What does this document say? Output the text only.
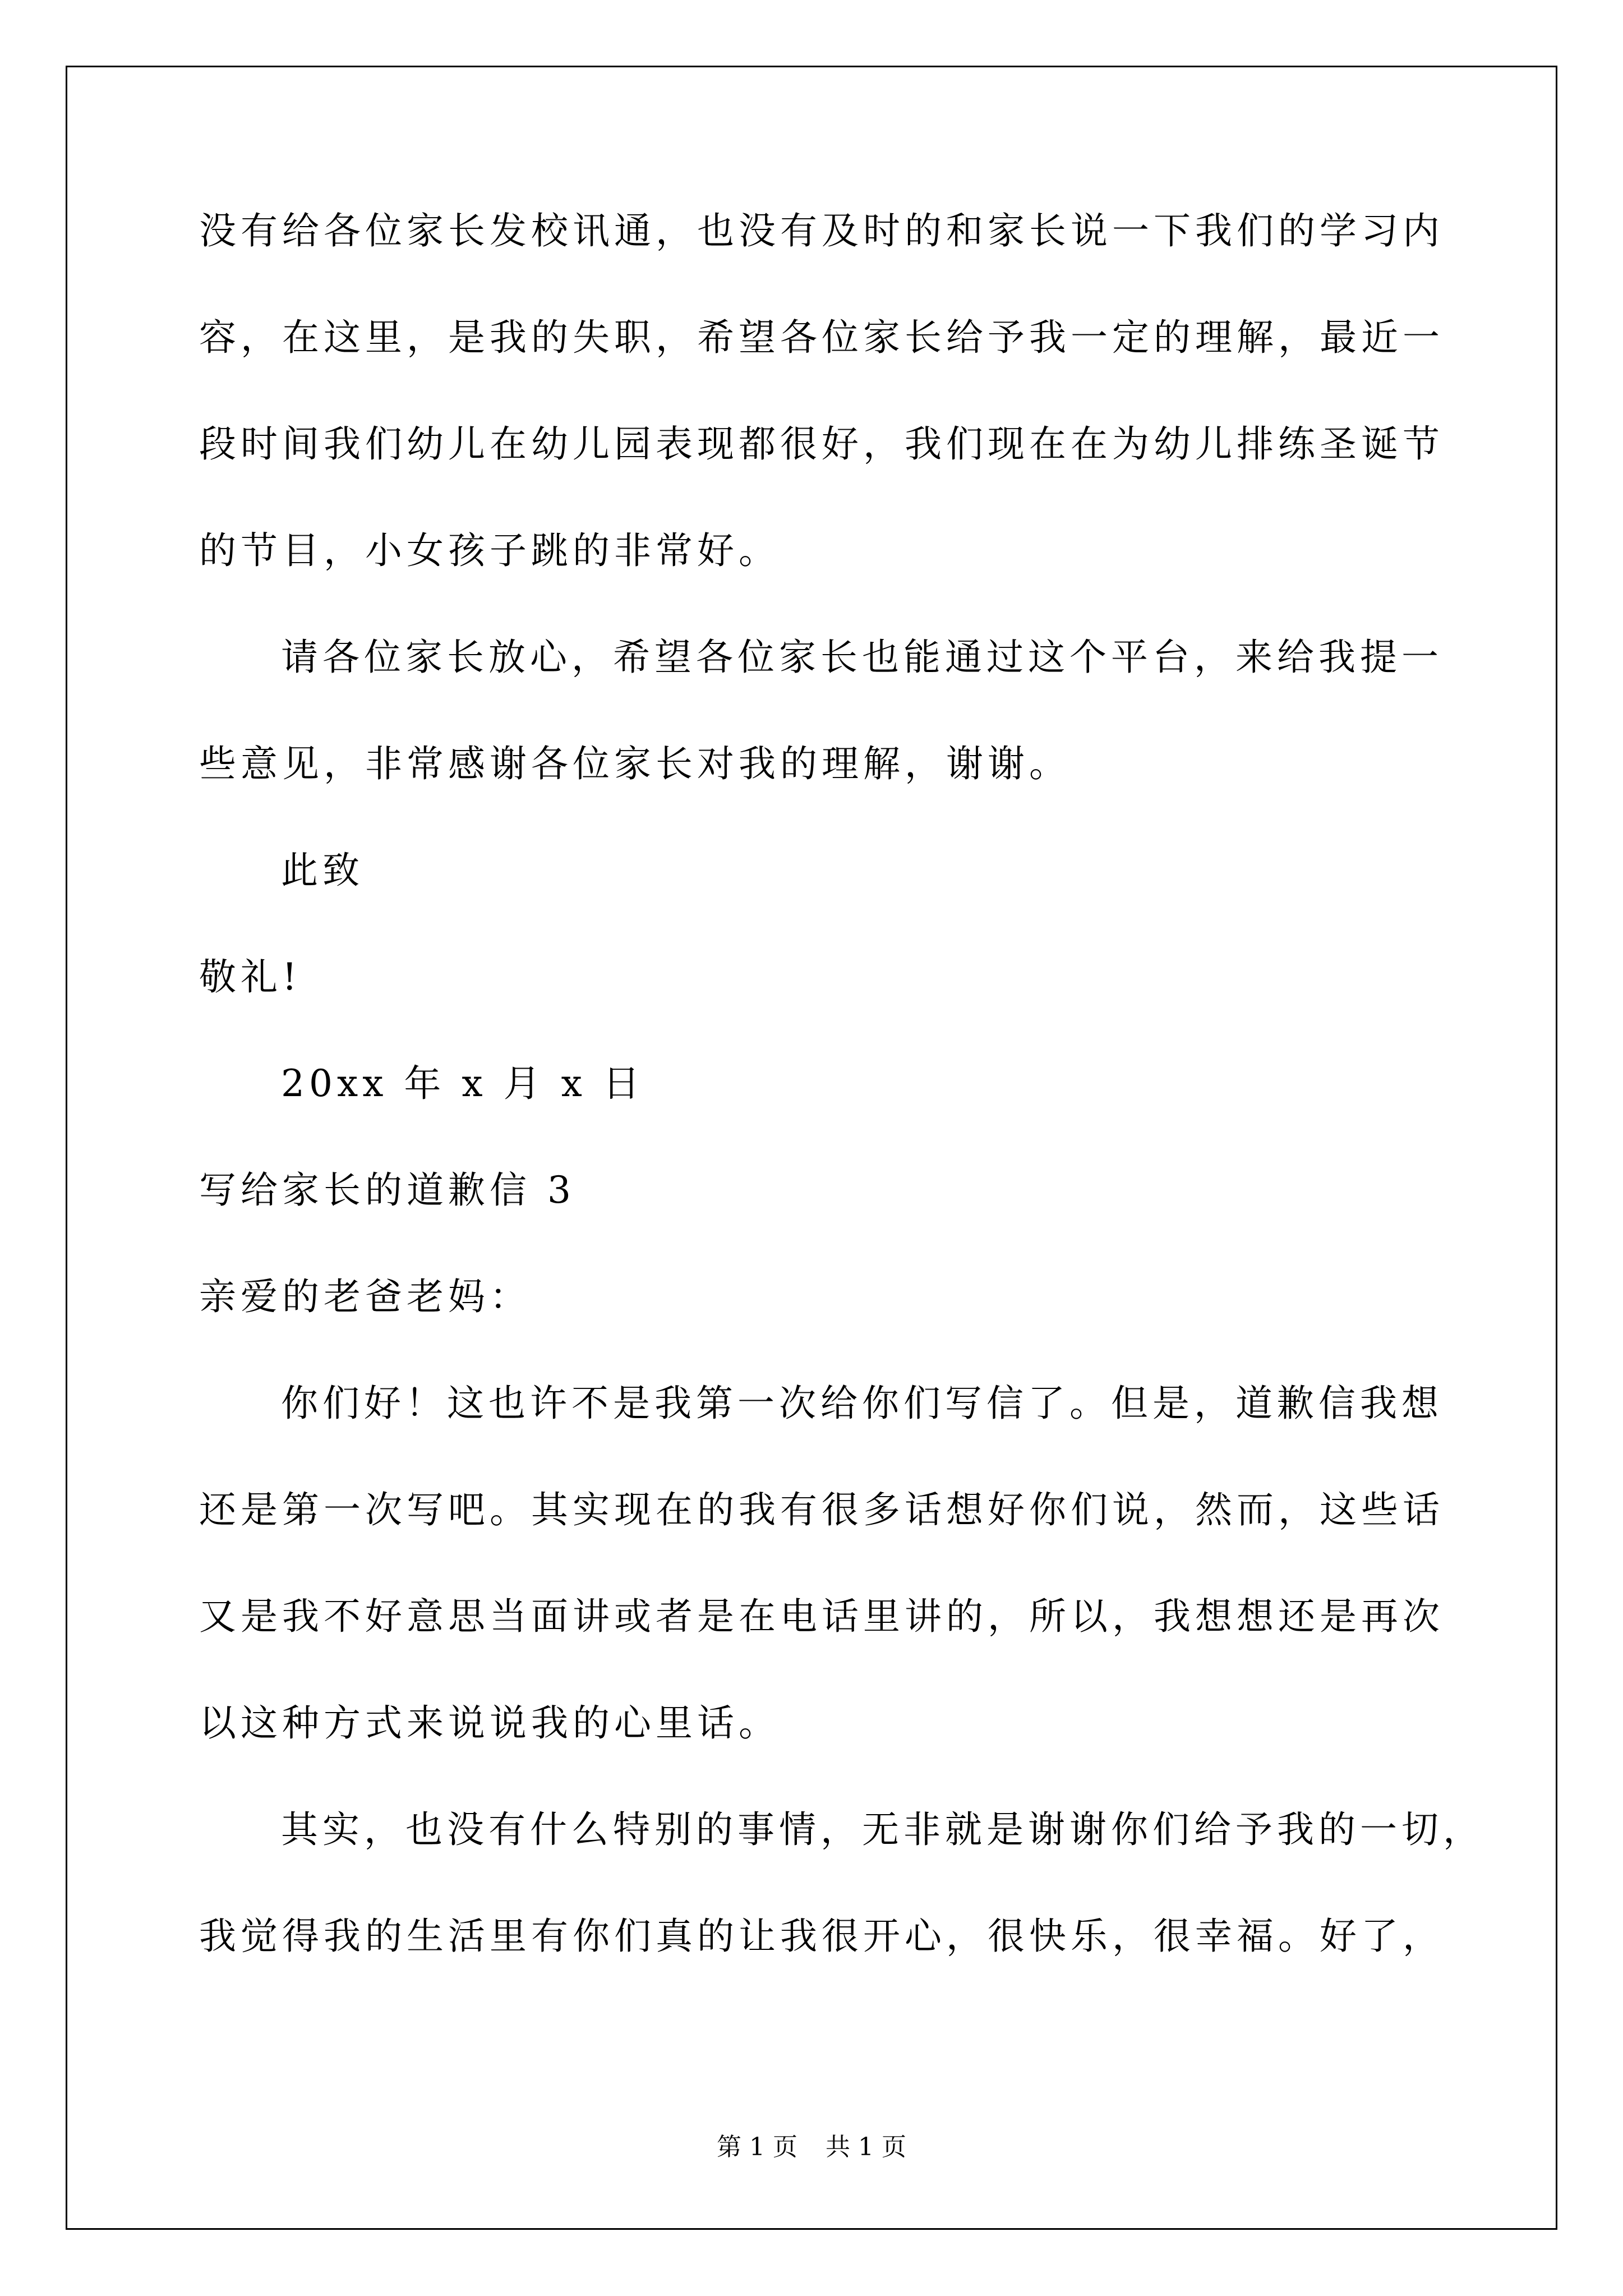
没有给各位家长发校讯通，也没有及时的和家长说一下我们的学习内
容，在这里，是我的失职，希望各位家长给予我一定的理解，最近一
段时间我们幼儿在幼儿园表现都很好，我们现在在为幼儿排练圣诞节
的节目，小女孩子跳的非常好。
请各位家长放心，希望各位家长也能通过这个平台，来给我提一
些意见，非常感谢各位家长对我的理解，谢谢。
此致
敬礼!
20xx 年 x 月 x 日
写给家长的道歉信 3
亲爱的老爸老妈：
你们好！这也许不是我第一次给你们写信了。但是，道歉信我想
还是第一次写吧。其实现在的我有很多话想好你们说，然而，这些话
又是我不好意思当面讲或者是在电话里讲的，所以，我想想还是再次
以这种方式来说说我的心里话。
其实，也没有什么特别的事情，无非就是谢谢你们给予我的一切，
我觉得我的生活里有你们真的让我很开心，很快乐，很幸福。好了，
第 1 页 共 1 页
